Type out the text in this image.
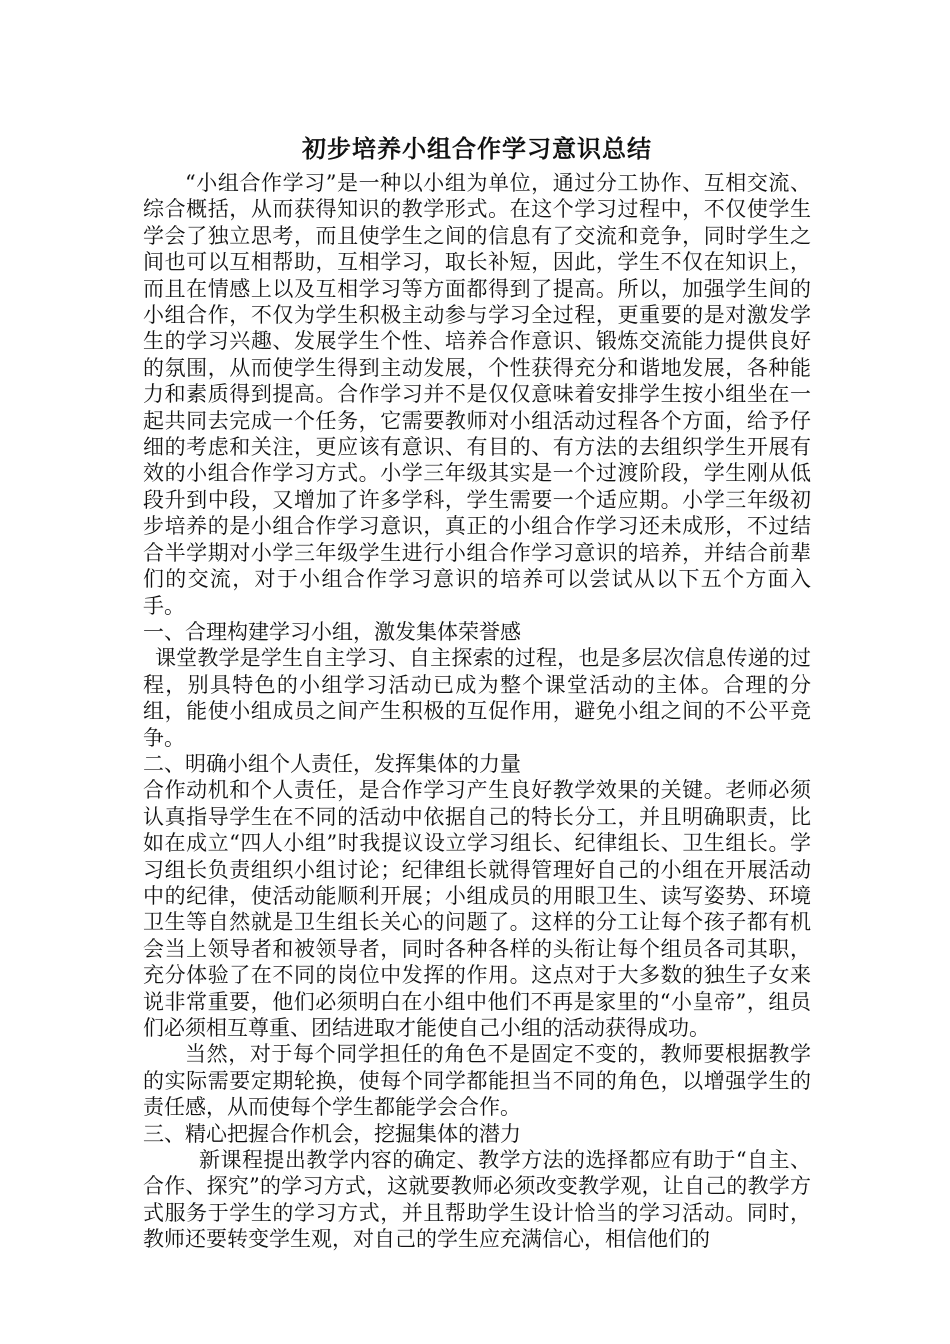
初步培养小组合作学习意识总结

“小组合作学习”是一种以小组为单位，通过分工协作、互相交流、综合概括，从而获得知识的教学形式。在这个学习过程中，不仅使学生学会了独立思考，而且使学生之间的信息有了交流和竞争，同时学生之间也可以互相帮助，互相学习，取长补短，因此，学生不仅在知识上，而且在情感上以及互相学习等方面都得到了提高。所以，加强学生间的小组合作，不仅为学生积极主动参与学习全过程，更重要的是对激发学生的学习兴趣、发展学生个性、培养合作意识、锻炼交流能力提供良好的氛围，从而使学生得到主动发展，个性获得充分和谐地发展，各种能力和素质得到提高。合作学习并不是仅仅意味着安排学生按小组坐在一起共同去完成一个任务，它需要教师对小组活动过程各个方面，给予仔细的考虑和关注，更应该有意识、有目的、有方法的去组织学生开展有效的小组合作学习方式。小学三年级其实是一个过渡阶段，学生刚从低段升到中段，又增加了许多学科，学生需要一个适应期。小学三年级初步培养的是小组合作学习意识，真正的小组合作学习还未成形，不过结合半学期对小学三年级学生进行小组合作学习意识的培养，并结合前辈们的交流，对于小组合作学习意识的培养可以尝试从以下五个方面入手。

一、合理构建学习小组，激发集体荣誉感

课堂教学是学生自主学习、自主探索的过程，也是多层次信息传递的过程，别具特色的小组学习活动已成为整个课堂活动的主体。合理的分组，能使小组成员之间产生积极的互促作用，避免小组之间的不公平竞争。

二、明确小组个人责任，发挥集体的力量

合作动机和个人责任，是合作学习产生良好教学效果的关键。老师必须认真指导学生在不同的活动中依据自己的特长分工，并且明确职责，比如在成立“四人小组”时我提议设立学习组长、纪律组长、卫生组长。学习组长负责组织小组讨论；纪律组长就得管理好自己的小组在开展活动中的纪律，使活动能顺利开展；小组成员的用眼卫生、读写姿势、环境卫生等自然就是卫生组长关心的问题了。这样的分工让每个孩子都有机会当上领导者和被领导者，同时各种各样的头衔让每个组员各司其职，充分体验了在不同的岗位中发挥的作用。这点对于大多数的独生子女来说非常重要，他们必须明白在小组中他们不再是家里的“小皇帝”，组员们必须相互尊重、团结进取才能使自己小组的活动获得成功。

当然，对于每个同学担任的角色不是固定不变的，教师要根据教学的实际需要定期轮换，使每个同学都能担当不同的角色，以增强学生的责任感，从而使每个学生都能学会合作。

三、精心把握合作机会，挖掘集体的潜力

新课程提出教学内容的确定、教学方法的选择都应有助于“自主、合作、探究”的学习方式，这就要教师必须改变教学观，让自己的教学方式服务于学生的学习方式，并且帮助学生设计恰当的学习活动。同时，教师还要转变学生观，对自己的学生应充满信心，相信他们的
